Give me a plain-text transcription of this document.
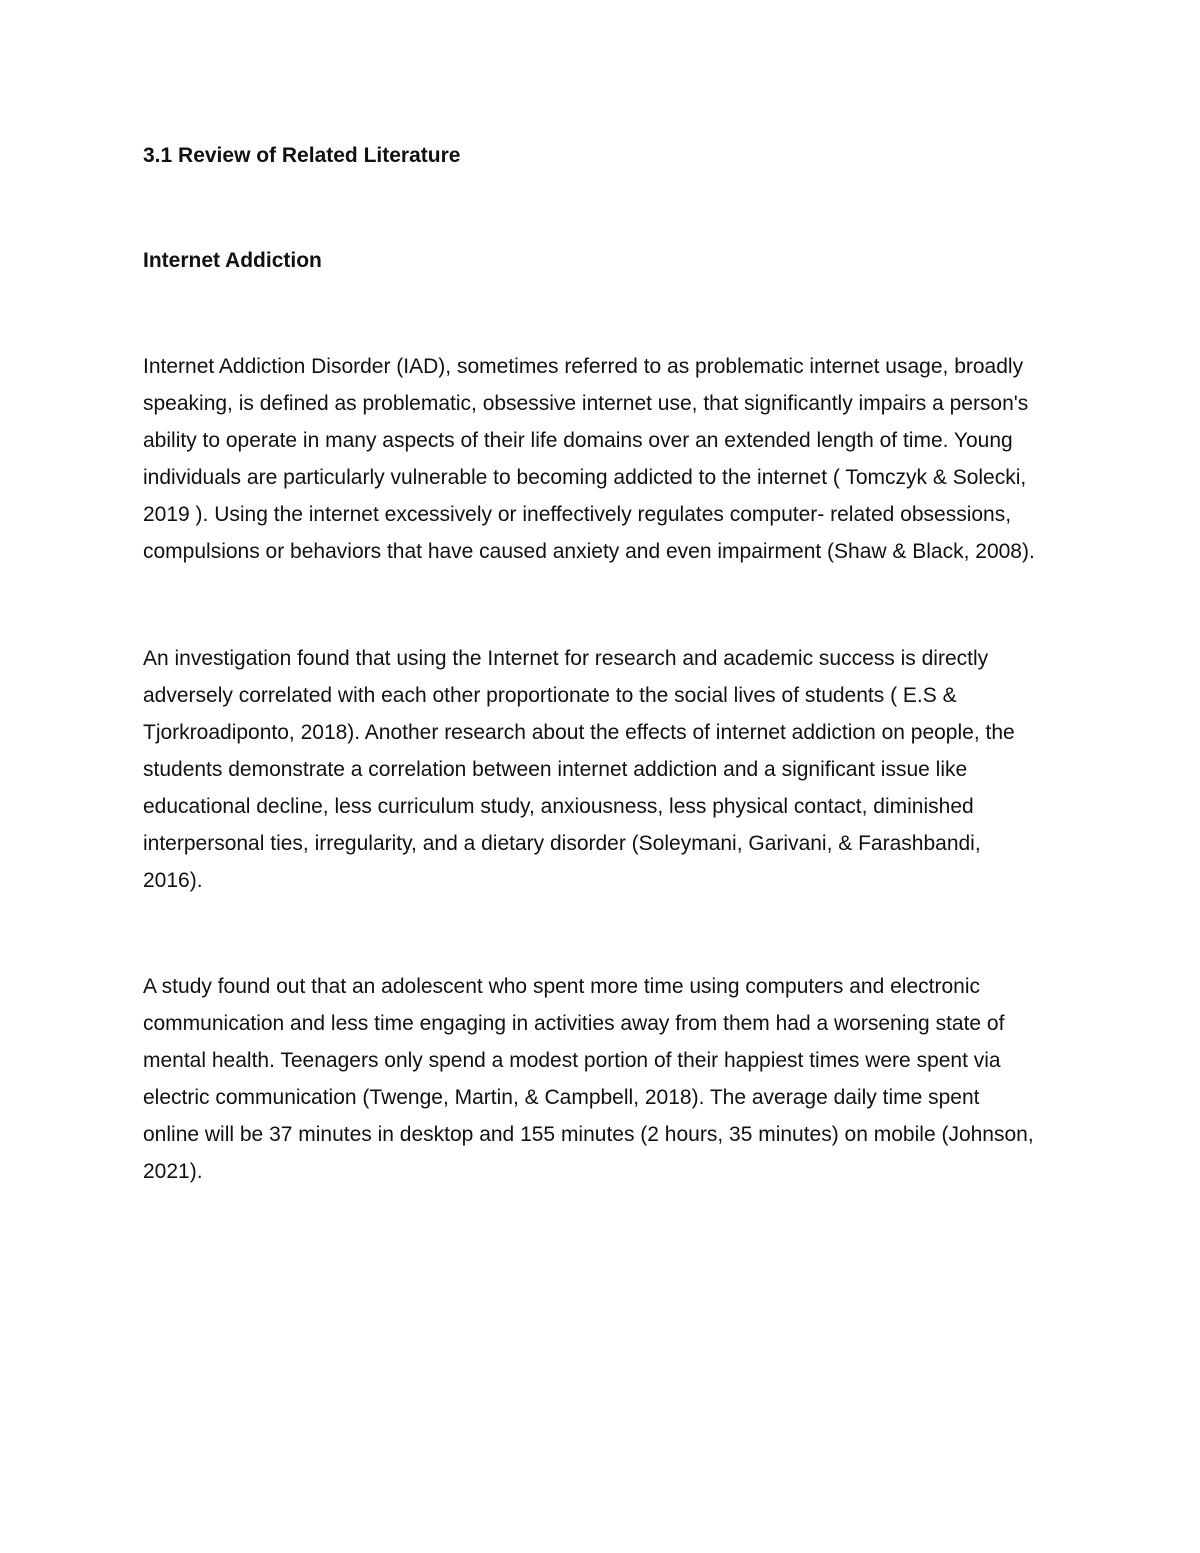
3.1 Review of Related Literature
Internet Addiction

Internet Addiction Disorder (IAD), sometimes referred to as problematic internet usage, broadly
speaking, is defined as problematic, obsessive internet use, that significantly impairs a person's
ability to operate in many aspects of their life domains over an extended length of time. Young
individuals are particularly vulnerable to becoming addicted to the internet ( Tomczyk & Solecki,
2019 ). Using the internet excessively or ineffectively regulates computer- related obsessions,
compulsions or behaviors that have caused anxiety and even impairment (Shaw & Black, 2008).

An investigation found that using the Internet for research and academic success is directly
adversely correlated with each other proportionate to the social lives of students ( E.S &
Tjorkroadiponto, 2018). Another research about the effects of internet addiction on people, the
students demonstrate a correlation between internet addiction and a significant issue like
educational decline, less curriculum study, anxiousness, less physical contact, diminished
interpersonal ties, irregularity, and a dietary disorder (Soleymani, Garivani, & Farashbandi,
2016).

A study found out that an adolescent who spent more time using computers and electronic
communication and less time engaging in activities away from them had a worsening state of
mental health. Teenagers only spend a modest portion of their happiest times were spent via
electric communication (Twenge, Martin, & Campbell, 2018). The average daily time spent
online will be 37 minutes in desktop and 155 minutes (2 hours, 35 minutes) on mobile (Johnson,
2021).
